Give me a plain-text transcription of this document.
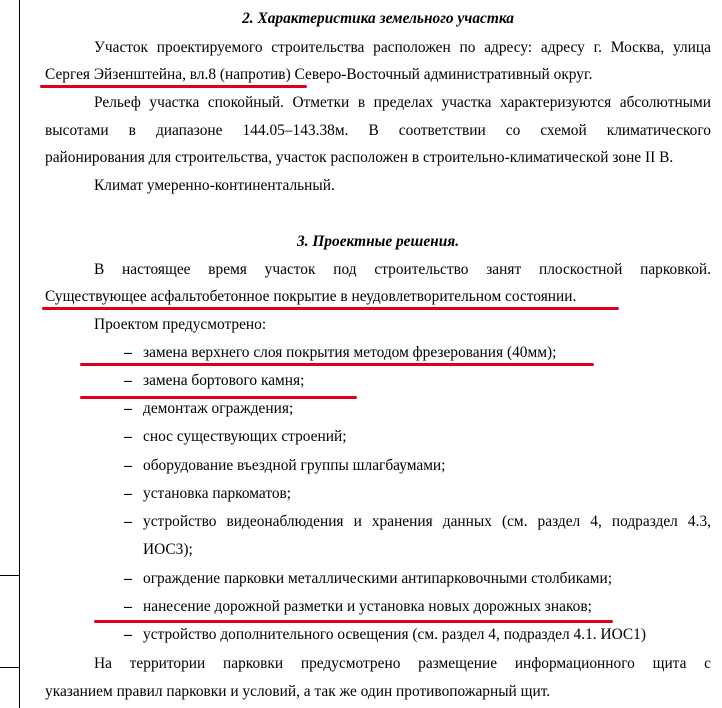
2. Характеристика земельного участка
Участок проектируемого строительства расположен по адресу: адресу г. Москва, улица
Сергея Эйзенштейна, вл.8 (напротив) Северо-Восточный административный округ.
Рельеф участка спокойный. Отметки в пределах участка характеризуются абсолютными
высотами в диапазоне 144.05–143.38м. В соответствии со схемой климатического
районирования для строительства, участок расположен в строительно-климатической зоне II В.
Климат умеренно-континентальный.
3. Проектные решения.
В настоящее время участок под строительство занят плоскостной парковкой.
Существующее асфальтобетонное покрытие в неудовлетворительном состоянии.
Проектом предусмотрено:
– замена верхнего слоя покрытия методом фрезерования (40мм);
– замена бортового камня;
– демонтаж ограждения;
– снос существующих строений;
– оборудование въездной группы шлагбаумами;
– установка паркоматов;
– устройство видеонаблюдения и хранения данных (см. раздел 4, подраздел 4.3,
ИОС3);
– ограждение парковки металлическими антипарковочными столбиками;
– нанесение дорожной разметки и установка новых дорожных знаков;
– устройство дополнительного освещения (см. раздел 4, подраздел 4.1. ИОС1)
На территории парковки предусмотрено размещение информационного щита с
указанием правил парковки и условий, а так же один противопожарный щит.
